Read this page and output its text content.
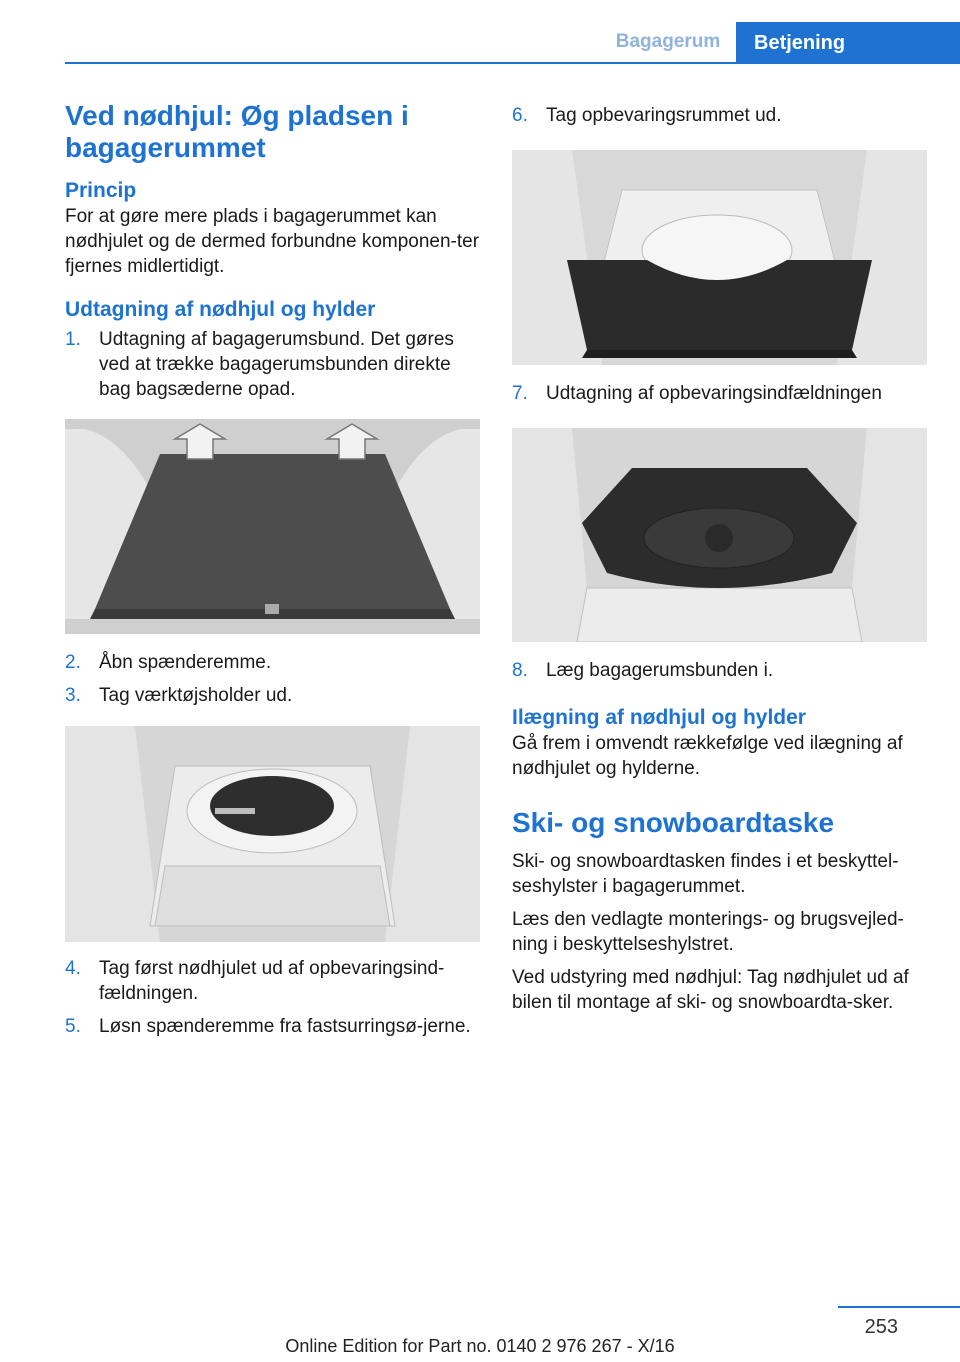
Bagagerum	Betjening
Ved nødhjul: Øg pladsen i bagagerummet
Princip

For at gøre mere plads i bagagerummet kan nødhjulet og de dermed forbundne komponen‐ter fjernes midlertidigt.

Udtagning af nødhjul og hylder
1. Udtagning af bagagerumsbund. Det gøres ved at trække bagagerumsbunden direkte bag bagsæderne opad.
2. Åbn spænderemme.
3. Tag værktøjsholder ud.
4. Tag først nødhjulet ud af opbevaringsind‐fældningen.
5. Løsn spænderemme fra fastsurringsø‐jerne.
6. Tag opbevaringsrummet ud.
7. Udtagning af opbevaringsindfældningen
8. Læg bagagerumsbunden i.
Ilægning af nødhjul og hylder

Gå frem i omvendt rækkefølge ved ilægning af nødhjulet og hylderne.

Ski- og snowboardtaske

Ski- og snowboardtasken findes i et beskyttel‐seshylster i bagagerummet.

Læs den vedlagte monterings- og brugsvejled‐ning i beskyttelseshylstret.

Ved udstyring med nødhjul: Tag nødhjulet ud af bilen til montage af ski- og snowboardta‐sker.

253
Online Edition for Part no. 0140 2 976 267 - X/16
